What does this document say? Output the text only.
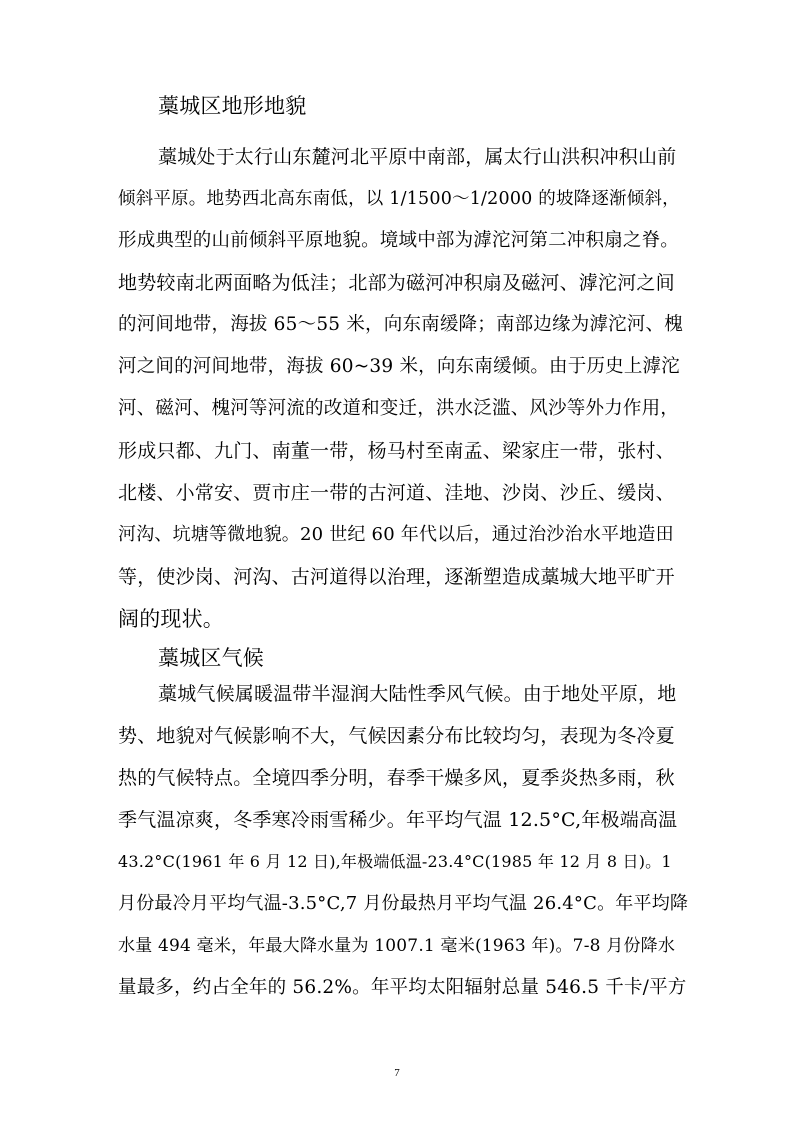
藁城区地形地貌
藁城处于太行山东麓河北平原中南部，属太行山洪积冲积山前
倾斜平原。地势西北高东南低，以 1/1500～1/2000 的坡降逐渐倾斜，
形成典型的山前倾斜平原地貌。境域中部为滹沱河第二冲积扇之脊。
地势较南北两面略为低洼；北部为磁河冲积扇及磁河、滹沱河之间
的河间地带，海拔 65～55 米，向东南缓降；南部边缘为滹沱河、槐
河之间的河间地带，海拔 60~39 米，向东南缓倾。由于历史上滹沱
河、磁河、槐河等河流的改道和变迁，洪水泛滥、风沙等外力作用，
形成只都、九门、南董一带，杨马村至南孟、梁家庄一带，张村、
北楼、小常安、贾市庄一带的古河道、洼地、沙岗、沙丘、缓岗、
河沟、坑塘等微地貌。20 世纪 60 年代以后，通过治沙治水平地造田
等，使沙岗、河沟、古河道得以治理，逐渐塑造成藁城大地平旷开
阔的现状。
藁城区气候
藁城气候属暖温带半湿润大陆性季风气候。由于地处平原，地
势、地貌对气候影响不大，气候因素分布比较均匀，表现为冬冷夏
热的气候特点。全境四季分明，春季干燥多风，夏季炎热多雨，秋
季气温凉爽，冬季寒冷雨雪稀少。年平均气温 12.5°C,年极端高温
43.2°C(1961 年 6 月 12 日),年极端低温-23.4°C(1985 年 12 月 8 日)。1
月份最冷月平均气温-3.5°C,7 月份最热月平均气温 26.4°C。年平均降
水量 494 毫米，年最大降水量为 1007.1 毫米(1963 年)。7-8 月份降水
量最多，约占全年的 56.2%。年平均太阳辐射总量 546.5 千卡/平方
7
